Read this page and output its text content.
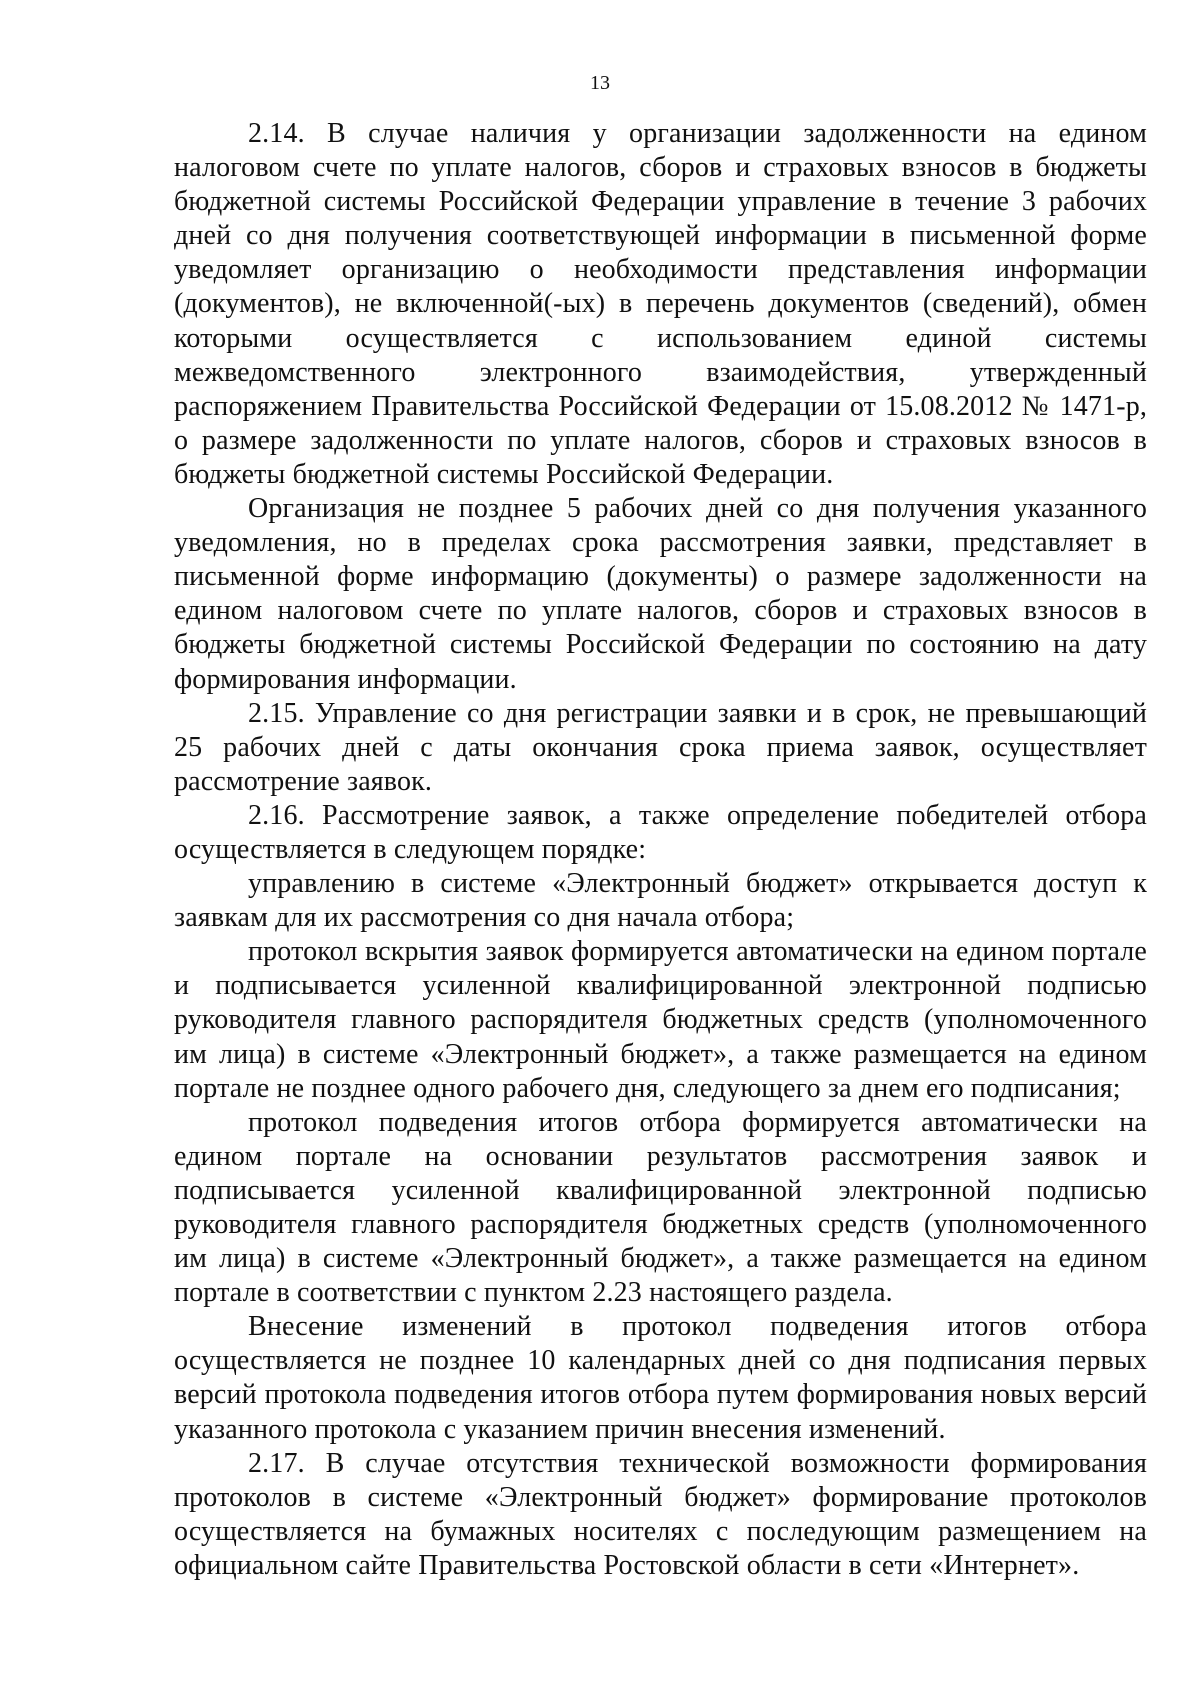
13

2.14. В случае наличия у организации задолженности на едином налоговом счете по уплате налогов, сборов и страховых взносов в бюджеты бюджетной системы Российской Федерации управление в течение 3 рабочих дней со дня получения соответствующей информации в письменной форме уведомляет организацию о необходимости представления информации (документов), не включенной(-ых) в перечень документов (сведений), обмен которыми осуществляется с использованием единой системы межведомственного электронного взаимодействия, утвержденный распоряжением Правительства Российской Федерации от 15.08.2012 № 1471-р, о размере задолженности по уплате налогов, сборов и страховых взносов в бюджеты бюджетной системы Российской Федерации.

Организация не позднее 5 рабочих дней со дня получения указанного уведомления, но в пределах срока рассмотрения заявки, представляет в письменной форме информацию (документы) о размере задолженности на едином налоговом счете по уплате налогов, сборов и страховых взносов в бюджеты бюджетной системы Российской Федерации по состоянию на дату формирования информации.

2.15. Управление со дня регистрации заявки и в срок, не превышающий 25 рабочих дней с даты окончания срока приема заявок, осуществляет рассмотрение заявок.

2.16. Рассмотрение заявок, а также определение победителей отбора осуществляется в следующем порядке:

управлению в системе «Электронный бюджет» открывается доступ к заявкам для их рассмотрения со дня начала отбора;

протокол вскрытия заявок формируется автоматически на едином портале и подписывается усиленной квалифицированной электронной подписью руководителя главного распорядителя бюджетных средств (уполномоченного им лица) в системе «Электронный бюджет», а также размещается на едином портале не позднее одного рабочего дня, следующего за днем его подписания;

протокол подведения итогов отбора формируется автоматически на едином портале на основании результатов рассмотрения заявок и подписывается усиленной квалифицированной электронной подписью руководителя главного распорядителя бюджетных средств (уполномоченного им лица) в системе «Электронный бюджет», а также размещается на едином портале в соответствии с пунктом 2.23 настоящего раздела.

Внесение изменений в протокол подведения итогов отбора осуществляется не позднее 10 календарных дней со дня подписания первых версий протокола подведения итогов отбора путем формирования новых версий указанного протокола с указанием причин внесения изменений.

2.17. В случае отсутствия технической возможности формирования протоколов в системе «Электронный бюджет» формирование протоколов осуществляется на бумажных носителях с последующим размещением на официальном сайте Правительства Ростовской области в сети «Интернет».
